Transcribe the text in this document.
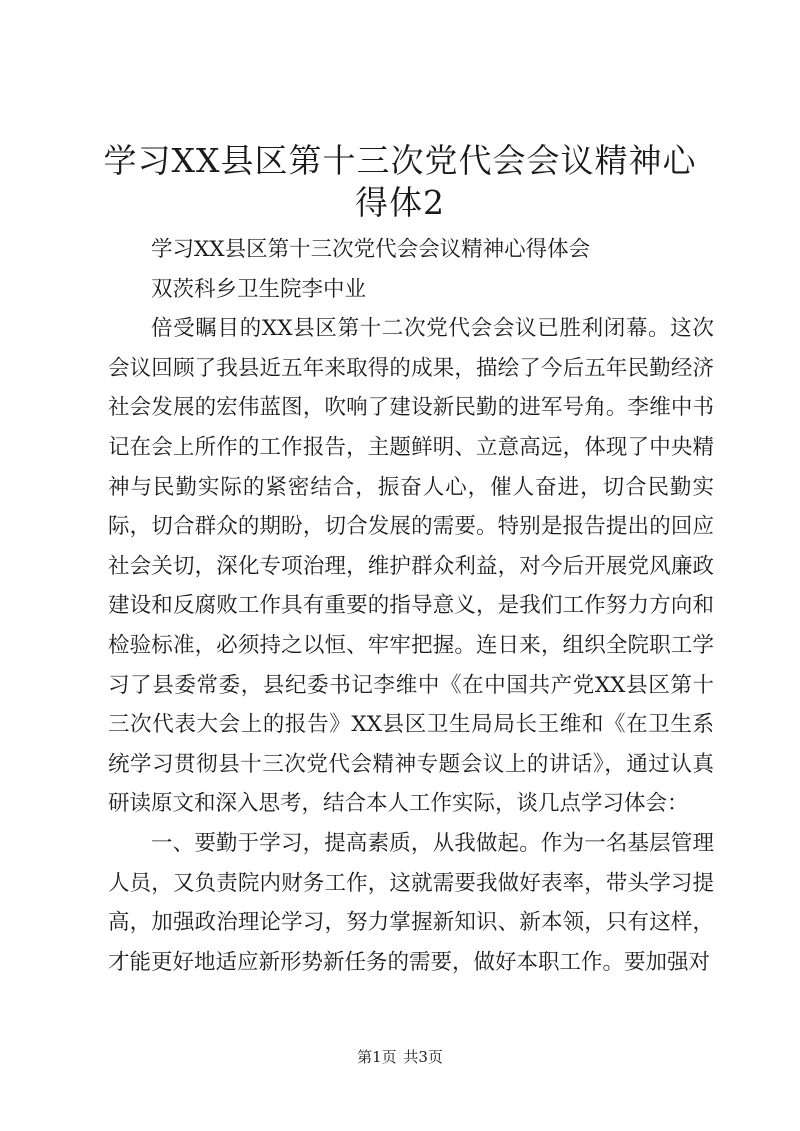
学习XX县区第十三次党代会会议精神心得体2

学习XX县区第十三次党代会会议精神心得体会

双茨科乡卫生院李中业

倍受瞩目的XX县区第十二次党代会会议已胜利闭幕。这次会议回顾了我县近五年来取得的成果，描绘了今后五年民勤经济社会发展的宏伟蓝图，吹响了建设新民勤的进军号角。李维中书记在会上所作的工作报告，主题鲜明、立意高远，体现了中央精神与民勤实际的紧密结合，振奋人心，催人奋进，切合民勤实际，切合群众的期盼，切合发展的需要。特别是报告提出的回应社会关切，深化专项治理，维护群众利益，对今后开展党风廉政建设和反腐败工作具有重要的指导意义，是我们工作努力方向和检验标准，必须持之以恒、牢牢把握。连日来，组织全院职工学习了县委常委，县纪委书记李维中《在中国共产党XX县区第十三次代表大会上的报告》XX县区卫生局局长王维和《在卫生系统学习贯彻县十三次党代会精神专题会议上的讲话》，通过认真研读原文和深入思考，结合本人工作实际，谈几点学习体会：

一、要勤于学习，提高素质，从我做起。作为一名基层管理人员，又负责院内财务工作，这就需要我做好表率，带头学习提高，加强政治理论学习，努力掌握新知识、新本领，只有这样，才能更好地适应新形势新任务的需要，做好本职工作。要加强对

第1页 共3页
